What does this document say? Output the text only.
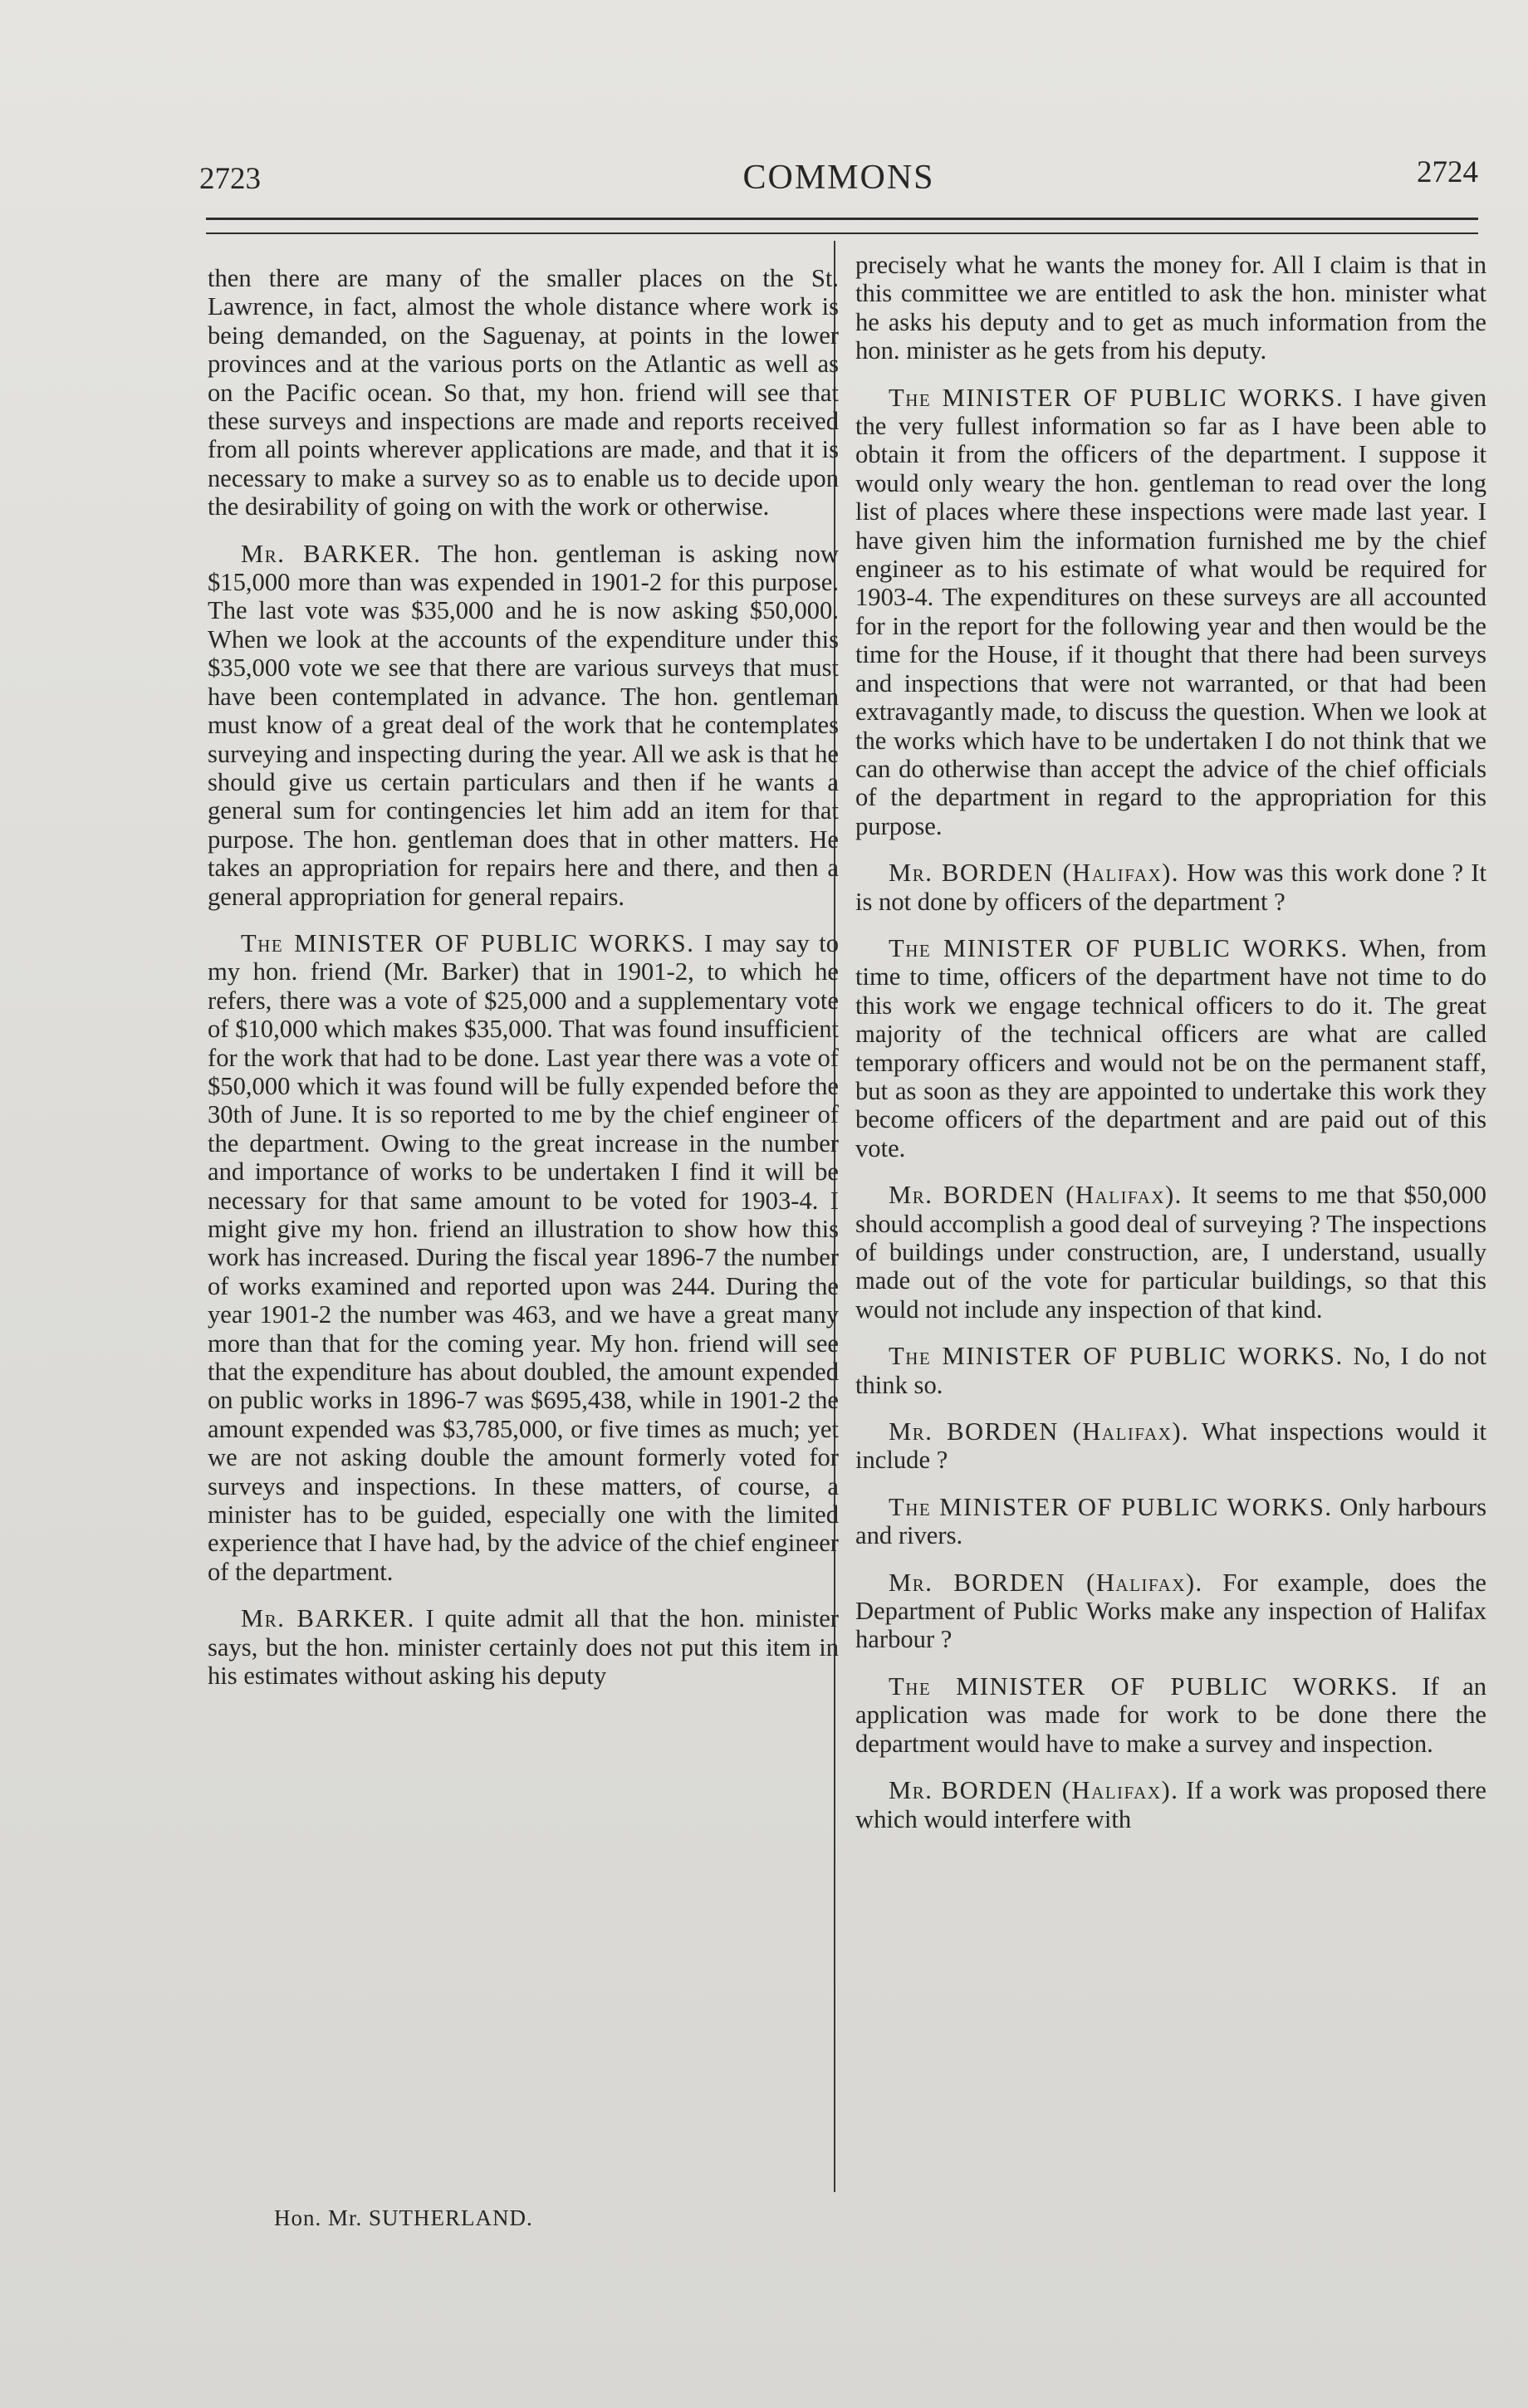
2723	COMMONS	2724

then there are many of the smaller places on the St. Lawrence, in fact, almost the whole distance where work is being demanded, on the Saguenay, at points in the lower provinces and at the various ports on the Atlantic as well as on the Pacific ocean. So that, my hon. friend will see that these surveys and inspections are made and reports received from all points wherever applications are made, and that it is necessary to make a survey so as to enable us to decide upon the desirability of going on with the work or otherwise.

Mr. BARKER. The hon. gentleman is asking now $15,000 more than was expended in 1901-2 for this purpose. The last vote was $35,000 and he is now asking $50,000. When we look at the accounts of the expenditure under this $35,000 vote we see that there are various surveys that must have been contemplated in advance. The hon. gentleman must know of a great deal of the work that he contemplates surveying and inspecting during the year. All we ask is that he should give us certain particulars and then if he wants a general sum for contingencies let him add an item for that purpose. The hon. gentleman does that in other matters. He takes an appropriation for repairs here and there, and then a general appropriation for general repairs.

The MINISTER OF PUBLIC WORKS. I may say to my hon. friend (Mr. Barker) that in 1901-2, to which he refers, there was a vote of $25,000 and a supplementary vote of $10,000 which makes $35,000. That was found insufficient for the work that had to be done. Last year there was a vote of $50,000 which it was found will be fully expended before the 30th of June. It is so reported to me by the chief engineer of the department. Owing to the great increase in the number and importance of works to be undertaken I find it will be necessary for that same amount to be voted for 1903-4. I might give my hon. friend an illustration to show how this work has increased. During the fiscal year 1896-7 the number of works examined and reported upon was 244. During the year 1901-2 the number was 463, and we have a great many more than that for the coming year. My hon. friend will see that the expenditure has about doubled, the amount expended on public works in 1896-7 was $695,438, while in 1901-2 the amount expended was $3,785,000, or five times as much; yet we are not asking double the amount formerly voted for surveys and inspections. In these matters, of course, a minister has to be guided, especially one with the limited experience that I have had, by the advice of the chief engineer of the department.

Mr. BARKER. I quite admit all that the hon. minister says, but the hon. minister certainly does not put this item in his estimates without asking his deputy

precisely what he wants the money for. All I claim is that in this committee we are entitled to ask the hon. minister what he asks his deputy and to get as much information from the hon. minister as he gets from his deputy.

The MINISTER OF PUBLIC WORKS. I have given the very fullest information so far as I have been able to obtain it from the officers of the department. I suppose it would only weary the hon. gentleman to read over the long list of places where these inspections were made last year. I have given him the information furnished me by the chief engineer as to his estimate of what would be required for 1903-4. The expenditures on these surveys are all accounted for in the report for the following year and then would be the time for the House, if it thought that there had been surveys and inspections that were not warranted, or that had been extravagantly made, to discuss the question. When we look at the works which have to be undertaken I do not think that we can do otherwise than accept the advice of the chief officials of the department in regard to the appropriation for this purpose.

Mr. BORDEN (Halifax). How was this work done ? It is not done by officers of the department ?

The MINISTER OF PUBLIC WORKS. When, from time to time, officers of the department have not time to do this work we engage technical officers to do it. The great majority of the technical officers are what are called temporary officers and would not be on the permanent staff, but as soon as they are appointed to undertake this work they become officers of the department and are paid out of this vote.

Mr. BORDEN (Halifax). It seems to me that $50,000 should accomplish a good deal of surveying ? The inspections of buildings under construction, are, I understand, usually made out of the vote for particular buildings, so that this would not include any inspection of that kind.

The MINISTER OF PUBLIC WORKS. No, I do not think so.

Mr. BORDEN (Halifax). What inspections would it include ?

The MINISTER OF PUBLIC WORKS. Only harbours and rivers.

Mr. BORDEN (Halifax). For example, does the Department of Public Works make any inspection of Halifax harbour ?

The MINISTER OF PUBLIC WORKS. If an application was made for work to be done there the department would have to make a survey and inspection.

Mr. BORDEN (Halifax). If a work was proposed there which would interfere with

Hon. Mr. SUTHERLAND.
